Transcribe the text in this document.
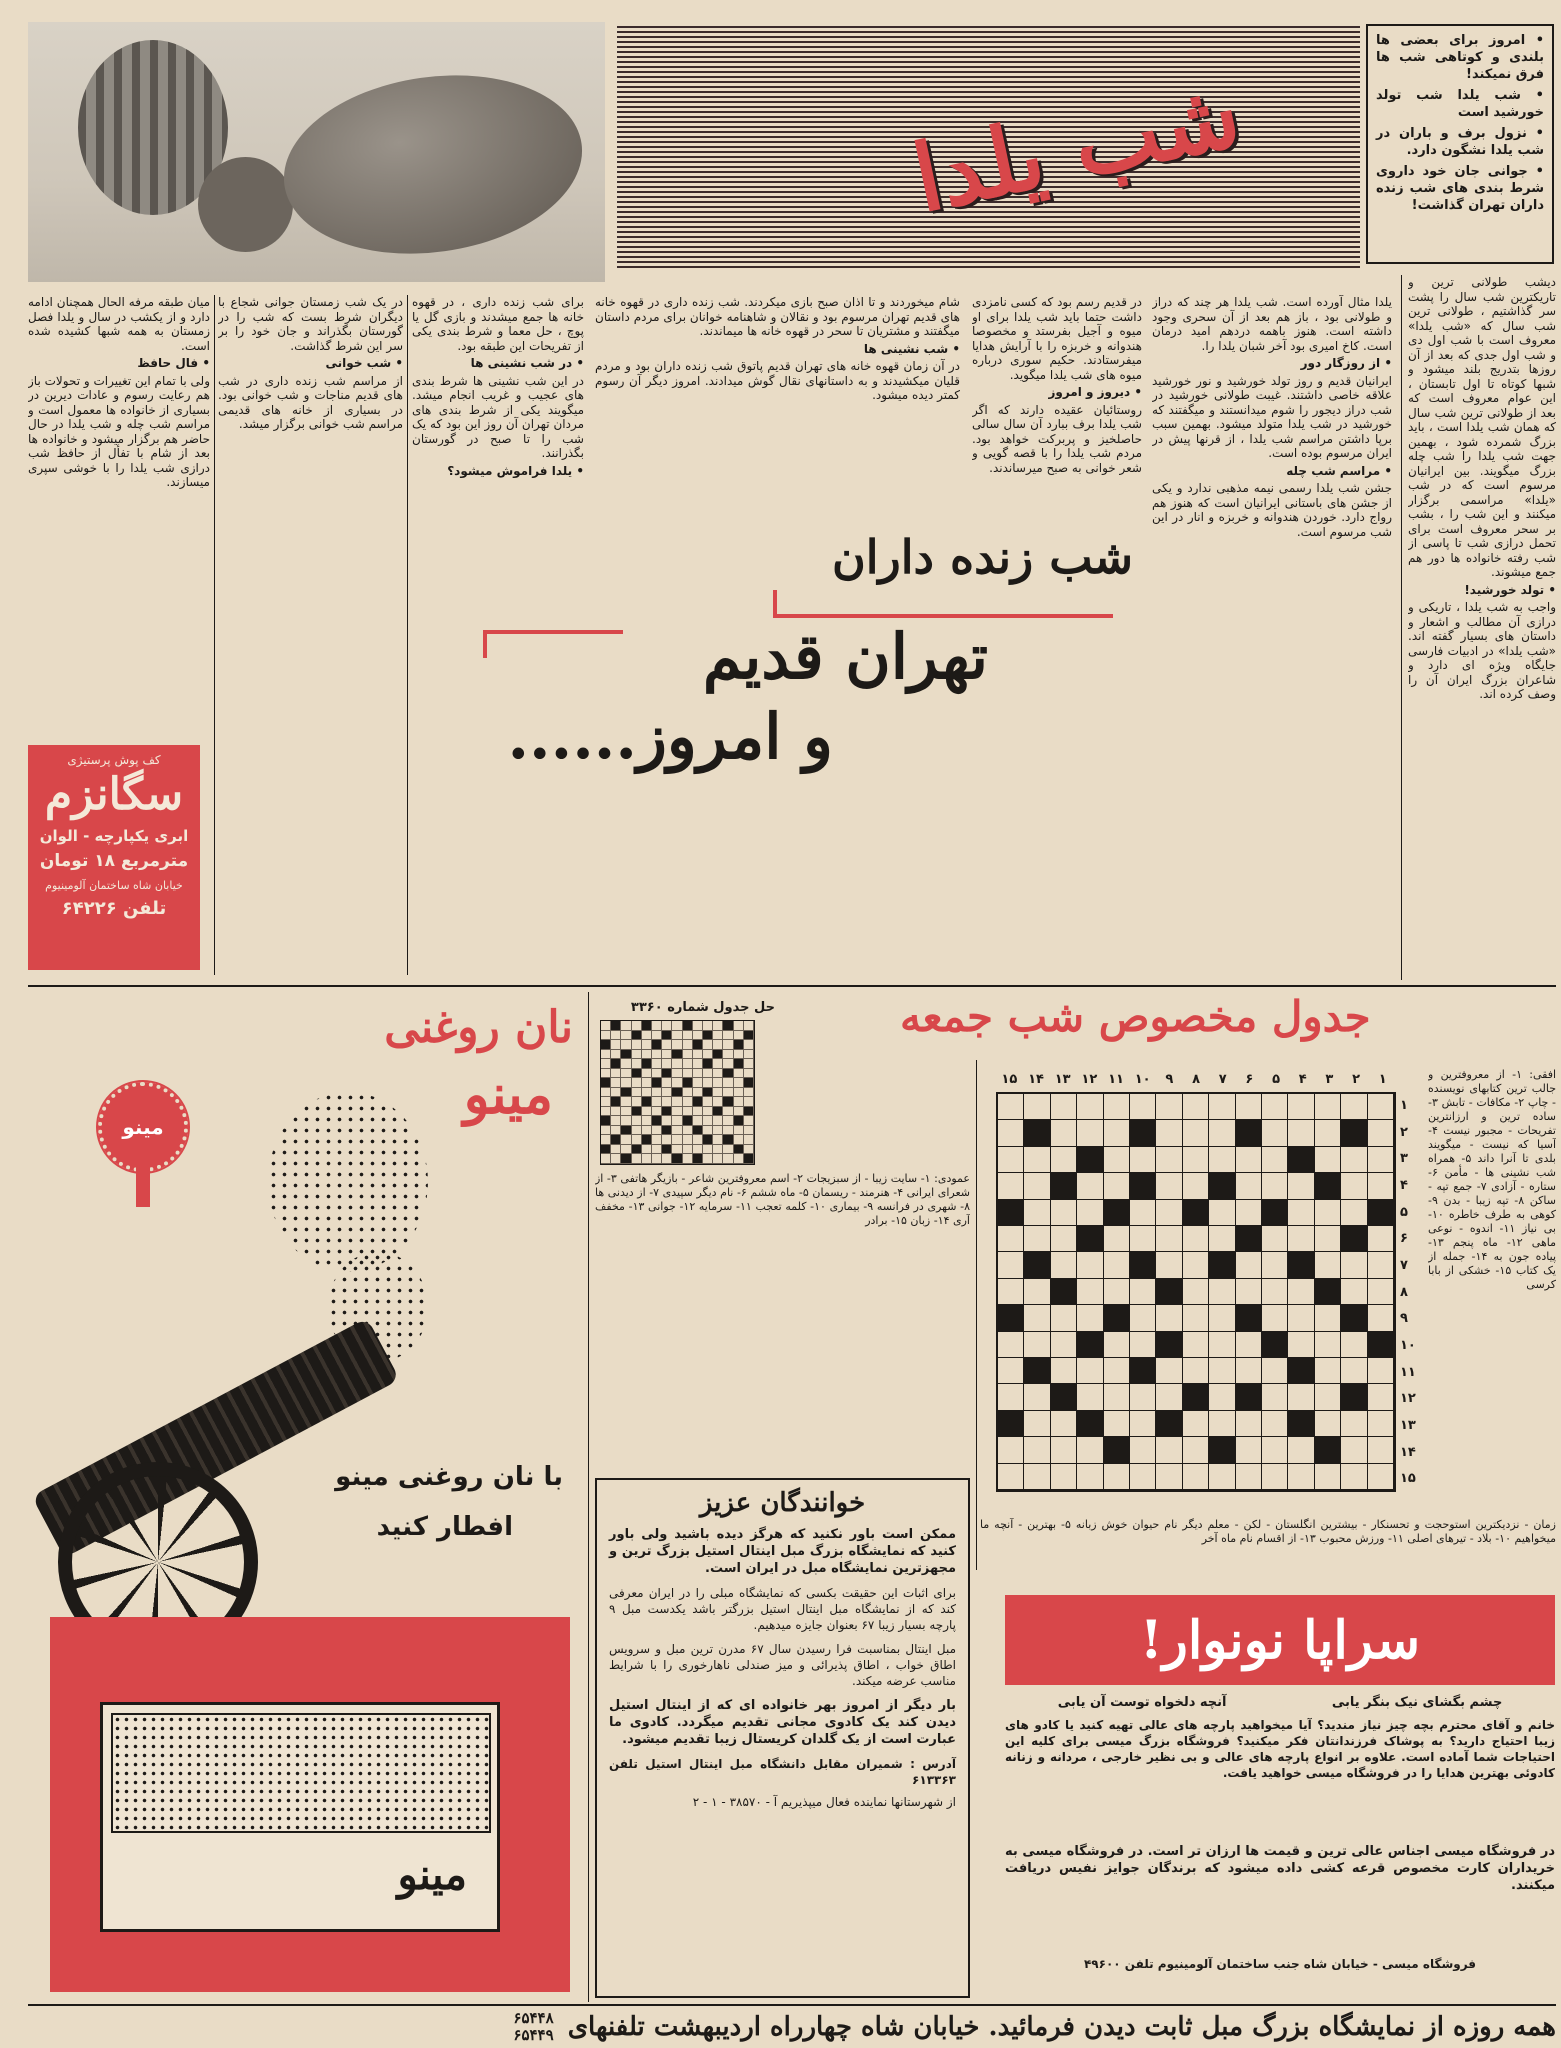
شب یلدا
• امروز برای بعضی ها بلندی و کوتاهی شب ها فرق نمیکند!
• شب یلدا شب تولد خورشید است
• نزول برف و باران در شب یلدا نشگون دارد.
• جوانی جان خود داروی شرط بندی های شب زنده داران تهران گذاشت!
دیشب طولانی ترین و تاریکترین شب سال را پشت سر گذاشتیم ، طولانی ترین شب سال که «شب یلدا» معروف است با شب اول دی و شب اول جدی که بعد از آن روزها بتدریج بلند میشود و شبها کوتاه تا اول تابستان ، این عوام معروف است که بعد از طولانی ترین شب سال که همان شب یلدا است ، باید بزرگ شمرده شود ، بهمین جهت شب یلدا را شب چله بزرگ میگویند. بین ایرانیان مرسوم است که در شب «یلدا» مراسمی برگزار میکنند و این شب را ، بشب بر سحر معروف است برای تحمل درازی شب تا پاسی از شب رفته خانواده ها دور هم جمع میشوند.
• تولد خورشید!
واجب به شب یلدا ، تاریکی و درازی آن مطالب و اشعار و داستان های بسیار گفته اند. «شب یلدا» در ادبیات فارسی جایگاه ویژه ای دارد و شاعران بزرگ ایران آن را وصف کرده اند.
یلدا مثال آورده است. شب یلدا هر چند که دراز و طولانی بود ، باز هم بعد از آن سحری وجود داشته است. هنوز باهمه دردهم امید درمان است. کاخ امیری بود آخر شبان یلدا را.
• از روزگار دور
ایرانیان قدیم و روز تولد خورشید و نور خورشید علاقه خاصی داشتند. غیبت طولانی خورشید در شب دراز دیجور را شوم میدانستند و میگفتند که خورشید در شب یلدا متولد میشود. بهمین سبب برپا داشتن مراسم شب یلدا ، از قرنها پیش در ایران مرسوم بوده است.
• مراسم شب چله
جشن شب یلدا رسمی نیمه مذهبی ندارد و یکی از جشن های باستانی ایرانیان است که هنوز هم رواج دارد. خوردن هندوانه و خربزه و انار در این شب مرسوم است.
در قدیم رسم بود که کسی نامزدی داشت حتما باید شب یلدا برای او میوه و آجیل بفرستد و مخصوصا هندوانه و خربزه را با آرایش هدایا میفرستادند. حکیم سوری درباره میوه های شب یلدا میگوید.
• دیروز و امروز
روستائیان عقیده دارند که اگر شب یلدا برف ببارد آن سال سالی حاصلخیز و پربرکت خواهد بود. مردم شب یلدا را با قصه گویی و شعر خوانی به صبح میرساندند.
شام میخوردند و تا اذان صبح بازی میکردند. شب زنده داری در قهوه خانه های قدیم تهران مرسوم بود و نقالان و شاهنامه خوانان برای مردم داستان میگفتند و مشتریان تا سحر در قهوه خانه ها میماندند.
• شب نشینی ها
در آن زمان قهوه خانه های تهران قدیم پاتوق شب زنده داران بود و مردم قلیان میکشیدند و به داستانهای نقال گوش میدادند. امروز دیگر آن رسوم کمتر دیده میشود.
برای شب زنده داری ، در قهوه خانه ها جمع میشدند و بازی گل یا پوچ ، حل معما و شرط بندی یکی از تفریحات این طبقه بود.
• در شب نشینی ها
در این شب نشینی ها شرط بندی های عجیب و غریب انجام میشد. میگویند یکی از شرط بندی های مردان تهران آن روز این بود که یک شب را تا صبح در گورستان بگذرانند.
• یلدا فراموش میشود؟
در یک شب زمستان جوانی شجاع با دیگران شرط بست که شب را در گورستان بگذراند و جان خود را بر سر این شرط گذاشت.
• شب خوانی
از مراسم شب زنده داری در شب های قدیم مناجات و شب خوانی بود. در بسیاری از خانه های قدیمی مراسم شب خوانی برگزار میشد.
میان طبقه مرفه الحال همچنان ادامه دارد و از یکشب در سال و یلدا فصل زمستان به همه شبها کشیده شده است.
• فال حافظ
ولی با تمام این تغییرات و تحولات باز هم رعایت رسوم و عادات دیرین در بسیاری از خانواده ها معمول است و مراسم شب چله و شب یلدا در حال حاضر هم برگزار میشود و خانواده ها بعد از شام با تفأل از حافظ شب درازی شب یلدا را با خوشی سپری میسازند.
شب زنده داران
تهران قدیم
و امروز......
کف پوش پرستیژی
سگانزم
ابری یکپارچه - الوان
مترمربع ۱۸ تومان
خیابان شاه ساختمان آلومینیوم
تلفن ۶۴۲۲۶
نان روغنی
مینو
مینو
با نان روغنی مینو
افطار کنید
مینو
جدول مخصوص شب جمعه
حل جدول شماره ۳۳۶۰
عمودی: ۱- سایت زیبا - از سبزیجات ۲- اسم معروفترین شاعر - بازیگر هاتفی ۳- از شعرای ایرانی ۴- هنرمند - ریسمان ۵- ماه ششم ۶- نام دیگر سپیدی ۷- از دیدنی ها ۸- شهری در فرانسه ۹- بیماری ۱۰- کلمه تعجب ۱۱- سرمایه ۱۲- جوانی ۱۳- مخفف آری ۱۴- زبان ۱۵- برادر
۱۵ ۱۴ ۱۳ ۱۲ ۱۱ ۱۰	۹	۸	۷	۶	۵	۴	۳	۲	۱
۱
۲
۳
۴
۵
۶
۷
۸
۹
۱۰
۱۱
۱۲
۱۳
۱۴
۱۵
افقی: ۱- از معروفترین و جالب ترین کتابهای نویسنده - چاپ ۲- مکافات - تابش ۳- ساده ترین و ارزانترین تفریحات - مجبور نیست ۴- آسیا که نیست - میگویند بلدی تا آنرا داند ۵- همراه شب نشینی ها - مأمن ۶- ستاره - آزادی ۷- جمع تپه - ساکن ۸- تپه زیبا - بدن ۹- کوهی به طرف خاطره ۱۰- بی نیاز ۱۱- اندوه - نوعی ماهی ۱۲- ماه پنجم ۱۳- پیاده جون به ۱۴- جمله از یک کتاب ۱۵- خشکی از بابا کرسی
زمان - نزدیکترین استوحجت و تحسنکار - بیشترین انگلستان - لکن - معلم دیگر نام حیوان خوش زبانه ۵- بهترین - آنچه ما میخواهیم ۱۰- بلاد - تیرهای اصلی ۱۱- ورزش محبوب ۱۳- از اقسام نام ماه آخر
خوانندگان عزیز
ممکن است باور نکنید که هرگز دیده باشید ولی باور کنید که نمایشگاه بزرگ مبل اینتال استیل بزرگ ترین و مجهزترین نمایشگاه مبل در ایران است.
برای اثبات این حقیقت بکسی که نمایشگاه مبلی را در ایران معرفی کند که از نمایشگاه مبل اینتال استیل بزرگتر باشد یکدست مبل ۹ پارچه بسیار زیبا ۶۷ بعنوان جایزه میدهیم.
مبل اینتال بمناسبت فرا رسیدن سال ۶۷ مدرن ترین مبل و سرویس اطاق خواب ، اطاق پذیرائی و میز صندلی ناهارخوری را با شرایط مناسب عرضه میکند.
بار دیگر از امروز بهر خانواده ای که از اینتال استیل دیدن کند یک کادوی مجانی تقدیم میگردد. کادوی ما عبارت است از یک گلدان کریستال زیبا تقدیم میشود.
آدرس : شمیران مقابل دانشگاه مبل اینتال استیل تلفن ۶۱۳۳۶۳
از شهرستانها نماینده فعال میپذیریم آ - ۳۸۵۷۰ - ۱ - ۲
سراپا نونوار!
چشم بگشای نیک بنگر یابی
آنچه دلخواه توست آن یابی
خانم و آقای محترم بچه چیز نیاز مندید؟ آیا میخواهید پارچه های عالی تهیه کنید یا کادو های زیبا احتیاج دارید؟ به پوشاک فرزندانتان فکر میکنید؟ فروشگاه بزرگ میسی برای کلیه این احتیاجات شما آماده است. علاوه بر انواع پارچه های عالی و بی نظیر خارجی ، مردانه و زنانه کادوئی بهترین هدایا را در فروشگاه میسی خواهید یافت.
در فروشگاه میسی اجناس عالی ترین و قیمت ها ارزان تر است. در فروشگاه میسی به خریداران کارت مخصوص قرعه کشی داده میشود که برندگان جوایز نفیس دریافت میکنند.
فروشگاه میسی - خیابان شاه جنب ساختمان آلومینیوم تلفن ۴۹۶۰۰
همه روزه از نمایشگاه بزرگ مبل ثابت دیدن فرمائید. خیابان شاه چهارراه اردیبهشت تلفنهای
۶۵۴۴۸
۶۵۴۴۹
